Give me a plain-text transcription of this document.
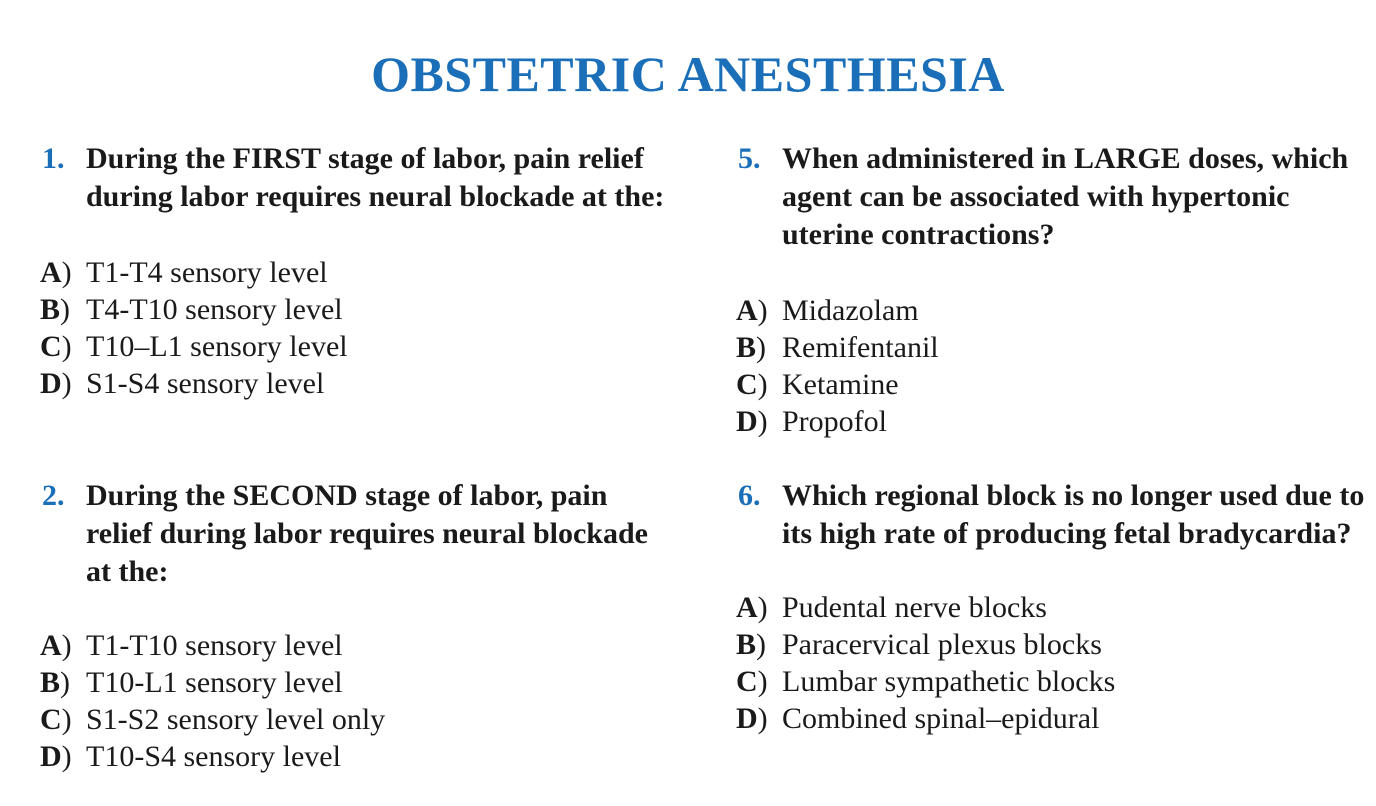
OBSTETRIC ANESTHESIA

1. During the FIRST stage of labor, pain relief during labor requires neural blockade at the:

A) T1-T4 sensory level
B) T4-T10 sensory level
C) T10–L1 sensory level
D) S1-S4 sensory level

2. During the SECOND stage of labor, pain relief during labor requires neural blockade at the:

A) T1-T10 sensory level
B) T10-L1 sensory level
C) S1-S2 sensory level only
D) T10-S4 sensory level

5. When administered in LARGE doses, which agent can be associated with hypertonic uterine contractions?

A) Midazolam
B) Remifentanil
C) Ketamine
D) Propofol

6. Which regional block is no longer used due to its high rate of producing fetal bradycardia?

A) Pudental nerve blocks
B) Paracervical plexus blocks
C) Lumbar sympathetic blocks
D) Combined spinal–epidural
